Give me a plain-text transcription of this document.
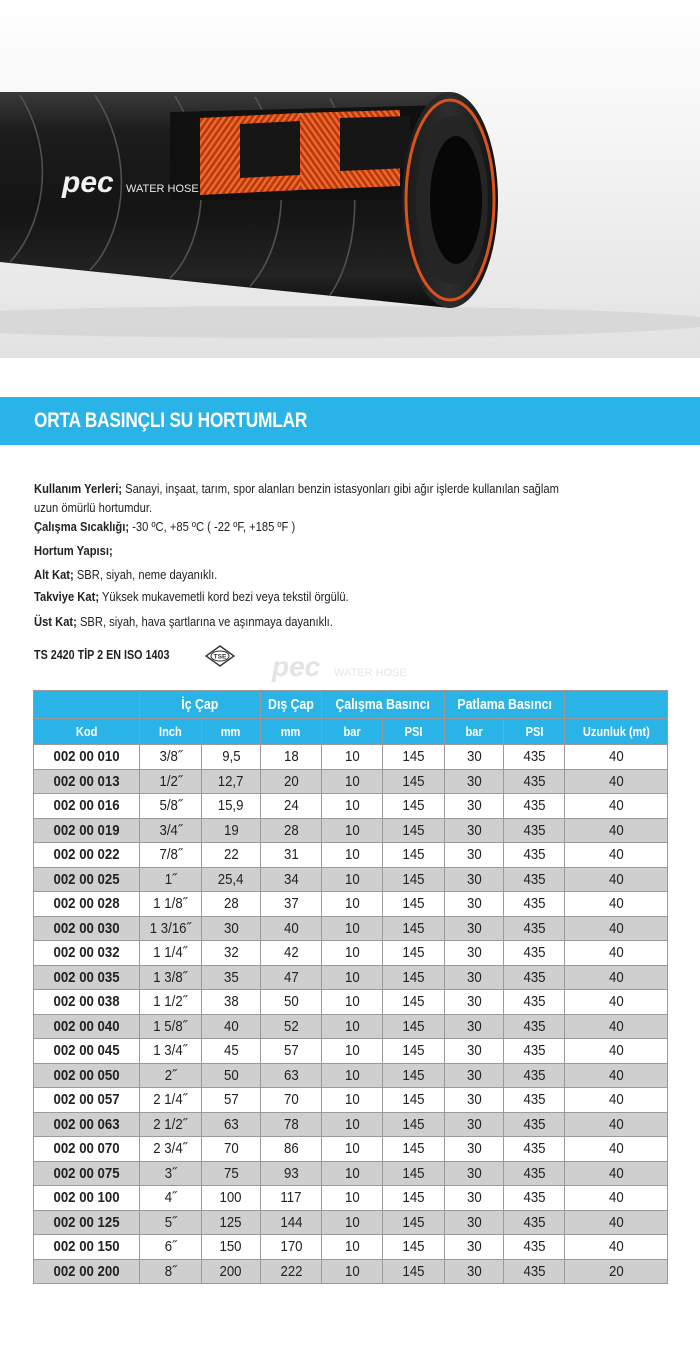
pec WATER HOSE
ORTA BASINÇLI SU HORTUMLAR
Kullanım Yerleri; Sanayi, inşaat, tarım, spor alanları benzin istasyonları gibi ağır işlerde kullanılan sağlam
uzun ömürlü hortumdur.
Çalışma Sıcaklığı; -30 ºC, +85 ºC ( -22 ºF, +185 ºF )
Hortum Yapısı;
Alt Kat; SBR, siyah, neme dayanıklı.
Takviye Kat; Yüksek mukavemetli kord bezi veya tekstil örgülü.
Üst Kat; SBR, siyah, hava şartlarına ve aşınmaya dayanıklı.
TS 2420 TİP 2 EN ISO 1403	TSE pec WATER HOSE
	İç Çap		Dış Çap	Çalışma Basıncı		Patlama Basıncı		
Kod	Inch	mm	mm	bar	PSI	bar	PSI	Uzunluk (mt)
002 00 010	3/8˝	9,5	18	10	145	30	435	40
002 00 013	1/2˝	12,7	20	10	145	30	435	40
002 00 016	5/8˝	15,9	24	10	145	30	435	40
002 00 019	3/4˝	19	28	10	145	30	435	40
002 00 022	7/8˝	22	31	10	145	30	435	40
002 00 025	1˝	25,4	34	10	145	30	435	40
002 00 028	1 1/8˝	28	37	10	145	30	435	40
002 00 030	1 3/16˝	30	40	10	145	30	435	40
002 00 032	1 1/4˝	32	42	10	145	30	435	40
002 00 035	1 3/8˝	35	47	10	145	30	435	40
002 00 038	1 1/2˝	38	50	10	145	30	435	40
002 00 040	1 5/8˝	40	52	10	145	30	435	40
002 00 045	1 3/4˝	45	57	10	145	30	435	40
002 00 050	2˝	50	63	10	145	30	435	40
002 00 057	2 1/4˝	57	70	10	145	30	435	40
002 00 063	2 1/2˝	63	78	10	145	30	435	40
002 00 070	2 3/4˝	70	86	10	145	30	435	40
002 00 075	3˝	75	93	10	145	30	435	40
002 00 100	4˝	100	117	10	145	30	435	40
002 00 125	5˝	125	144	10	145	30	435	40
002 00 150	6˝	150	170	10	145	30	435	40
002 00 200	8˝	200	222	10	145	30	435	20
